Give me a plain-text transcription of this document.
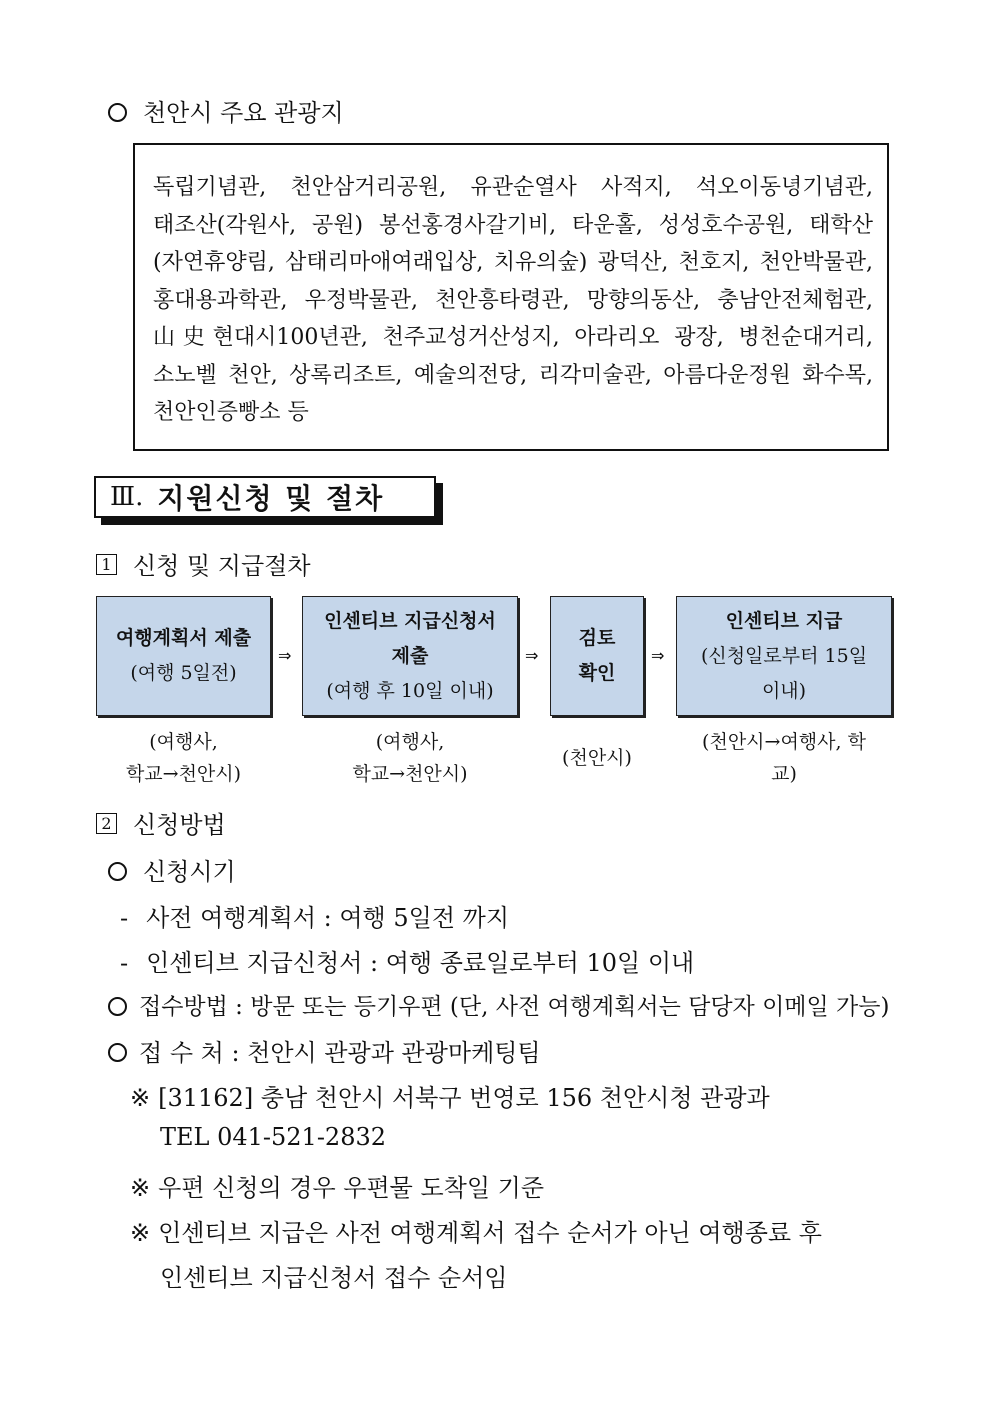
천안시 주요 관광지
독립기념관, 천안삼거리공원, 유관순열사 사적지, 석오이동녕기념관,
태조산(각원사, 공원) 봉선홍경사갈기비, 타운홀, 성성호수공원, 태학산
(자연휴양림, 삼태리마애여래입상, 치유의숲) 광덕산, 천호지, 천안박물관,
홍대용과학관, 우정박물관, 천안흥타령관, 망향의동산, 충남안전체험관,
山史현대시100년관, 천주교성거산성지, 아라리오 광장, 병천순대거리,
소노벨 천안, 상록리조트, 예술의전당, 리각미술관, 아름다운정원 화수목,
천안인증빵소 등
Ⅲ. 지원신청 및 절차
1 신청 및 지급절차
여행계획서 제출
(여행 5일전)
⇒
인센티브 지급신청서
제출
(여행 후 10일 이내)
⇒
검토
확인
⇒
인센티브 지급
(신청일로부터 15일
이내)
(여행사,
학교→천안시)
(여행사,
학교→천안시)
(천안시)
(천안시→여행사, 학
교)
2 신청방법
신청시기
- 사전 여행계획서 : 여행 5일전 까지
- 인센티브 지급신청서 : 여행 종료일로부터 10일 이내
접수방법 : 방문 또는 등기우편 (단, 사전 여행계획서는 담당자 이메일 가능)
접 수 처 : 천안시 관광과 관광마케팅팀
※ [31162] 충남 천안시 서북구 번영로 156 천안시청 관광과
TEL 041-521-2832
※ 우편 신청의 경우 우편물 도착일 기준
※ 인센티브 지급은 사전 여행계획서 접수 순서가 아닌 여행종료 후
인센티브 지급신청서 접수 순서임
